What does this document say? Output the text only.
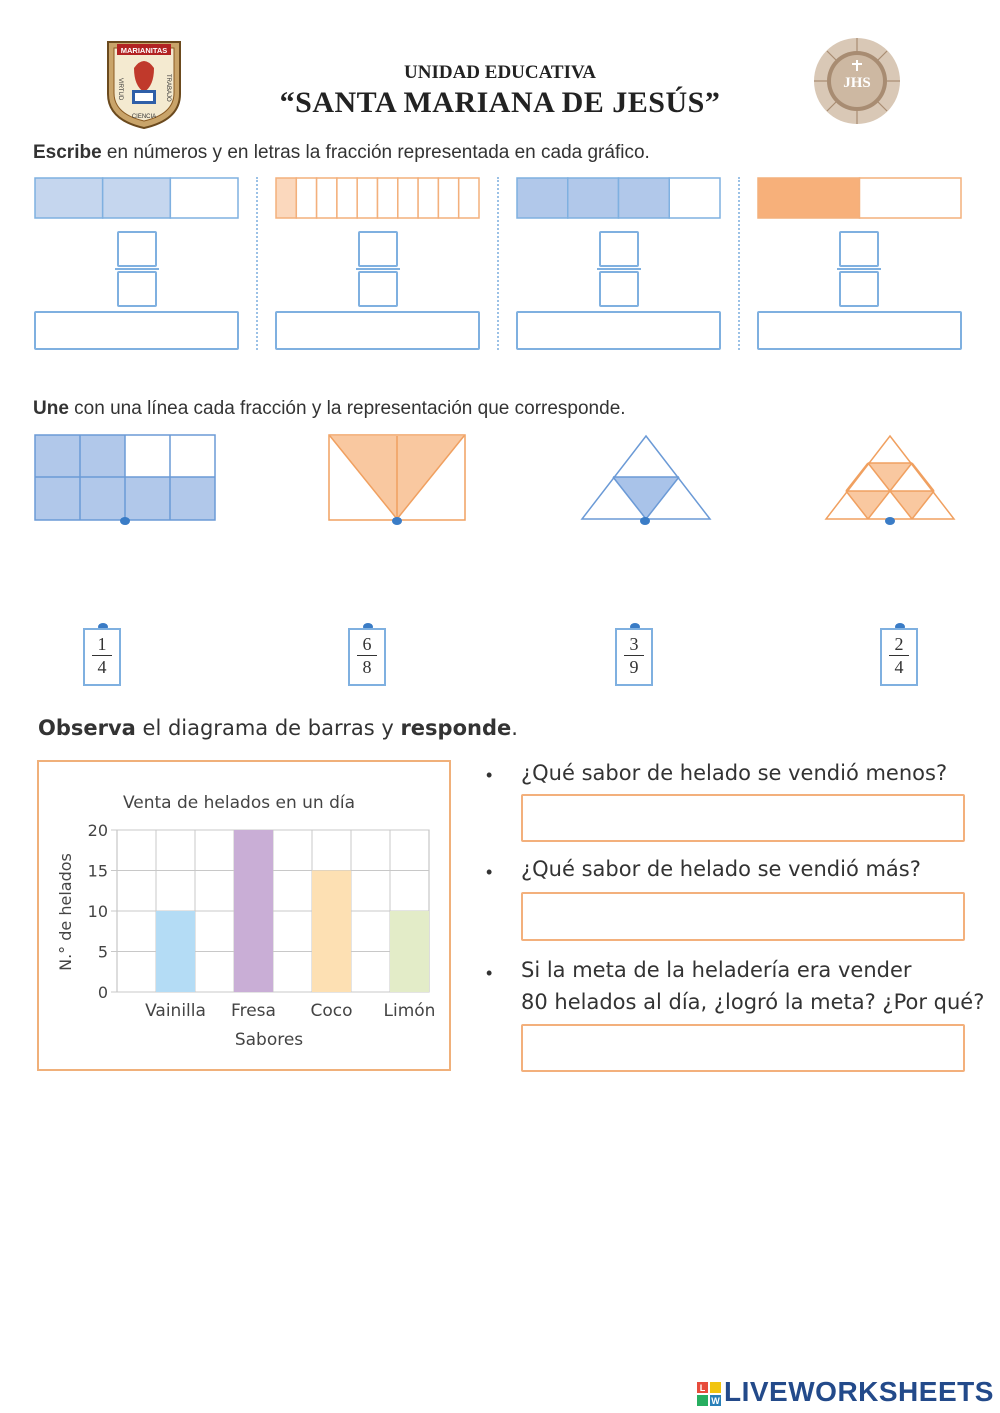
MARIANITAS
VIRTUD	TRABAJO
CIENCIA
UNIDAD EDUCATIVA
“SANTA MARIANA DE JESÚS”
JHS
Escribe en números y en letras la fracción representada en cada gráfico.
Une con una línea cada fracción y la representación que corresponde.
1
4
6
8
3
9
2
4
Observa el diagrama de barras y responde.
Venta de helados en un día
N.° de helados
Sabores
0
5
10
15
20
Vainilla Fresa Coco Limón
• ¿Qué sabor de helado se vendió menos?
• ¿Qué sabor de helado se vendió más?
• Si la meta de la heladería era vender
80 helados al día, ¿logró la meta? ¿Por qué?
L
W LIVEWORKSHEETS
